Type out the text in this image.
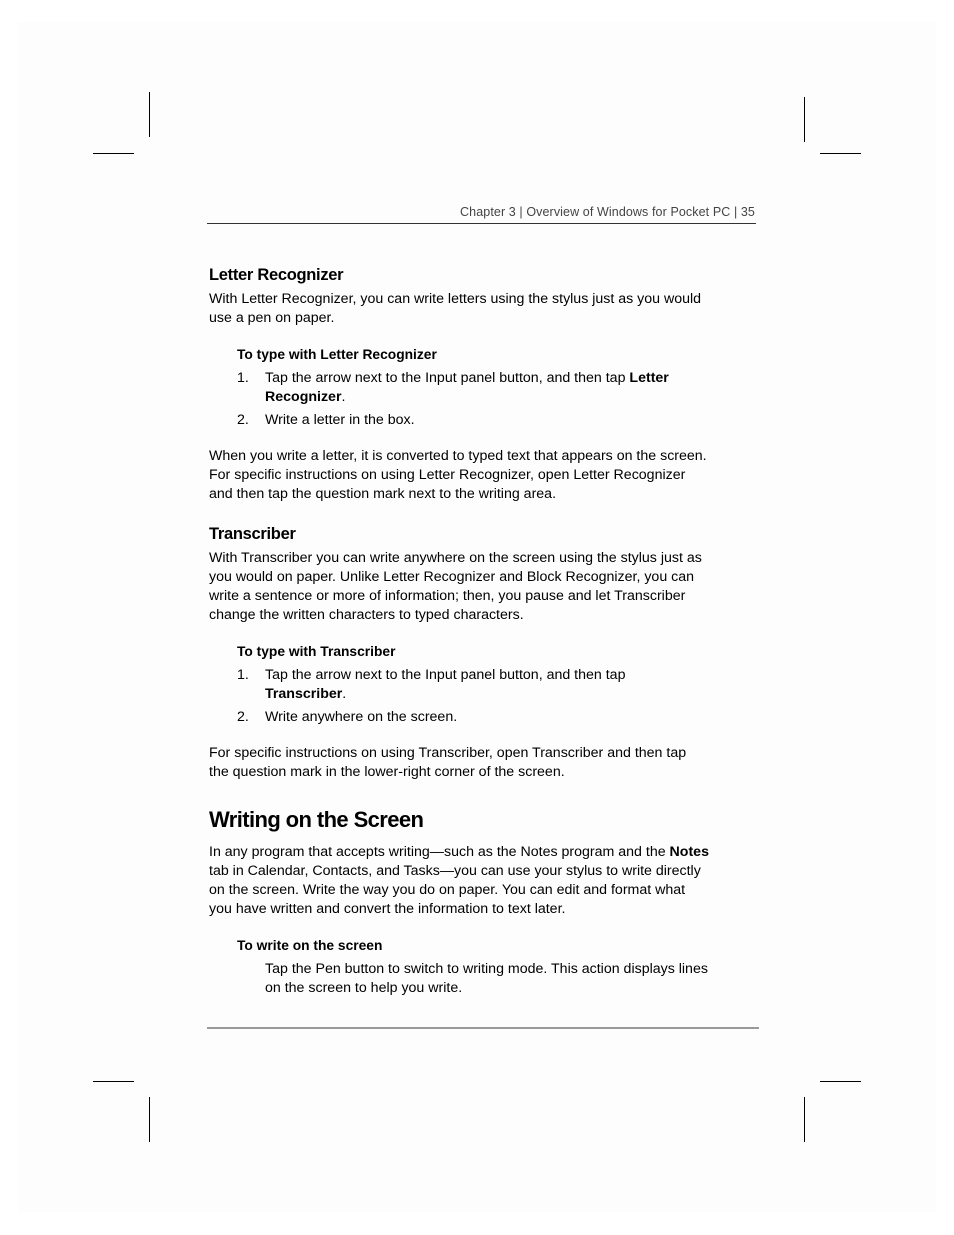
Chapter 3 | Overview of Windows for Pocket PC | 35
Letter Recognizer

With Letter Recognizer, you can write letters using the stylus just as you would use a pen on paper.

To type with Letter Recognizer
1. Tap the arrow next to the Input panel button, and then tap Letter Recognizer.
2. Write a letter in the box.

When you write a letter, it is converted to typed text that appears on the screen. For specific instructions on using Letter Recognizer, open Letter Recognizer and then tap the question mark next to the writing area.

Transcriber

With Transcriber you can write anywhere on the screen using the stylus just as you would on paper. Unlike Letter Recognizer and Block Recognizer, you can write a sentence or more of information; then, you pause and let Transcriber change the written characters to typed characters.

To type with Transcriber
1. Tap the arrow next to the Input panel button, and then tap Transcriber.
2. Write anywhere on the screen.

For specific instructions on using Transcriber, open Transcriber and then tap the question mark in the lower-right corner of the screen.

Writing on the Screen

In any program that accepts writing—such as the Notes program and the Notes tab in Calendar, Contacts, and Tasks—you can use your stylus to write directly on the screen. Write the way you do on paper. You can edit and format what you have written and convert the information to text later.

To write on the screen

Tap the Pen button to switch to writing mode. This action displays lines on the screen to help you write.
